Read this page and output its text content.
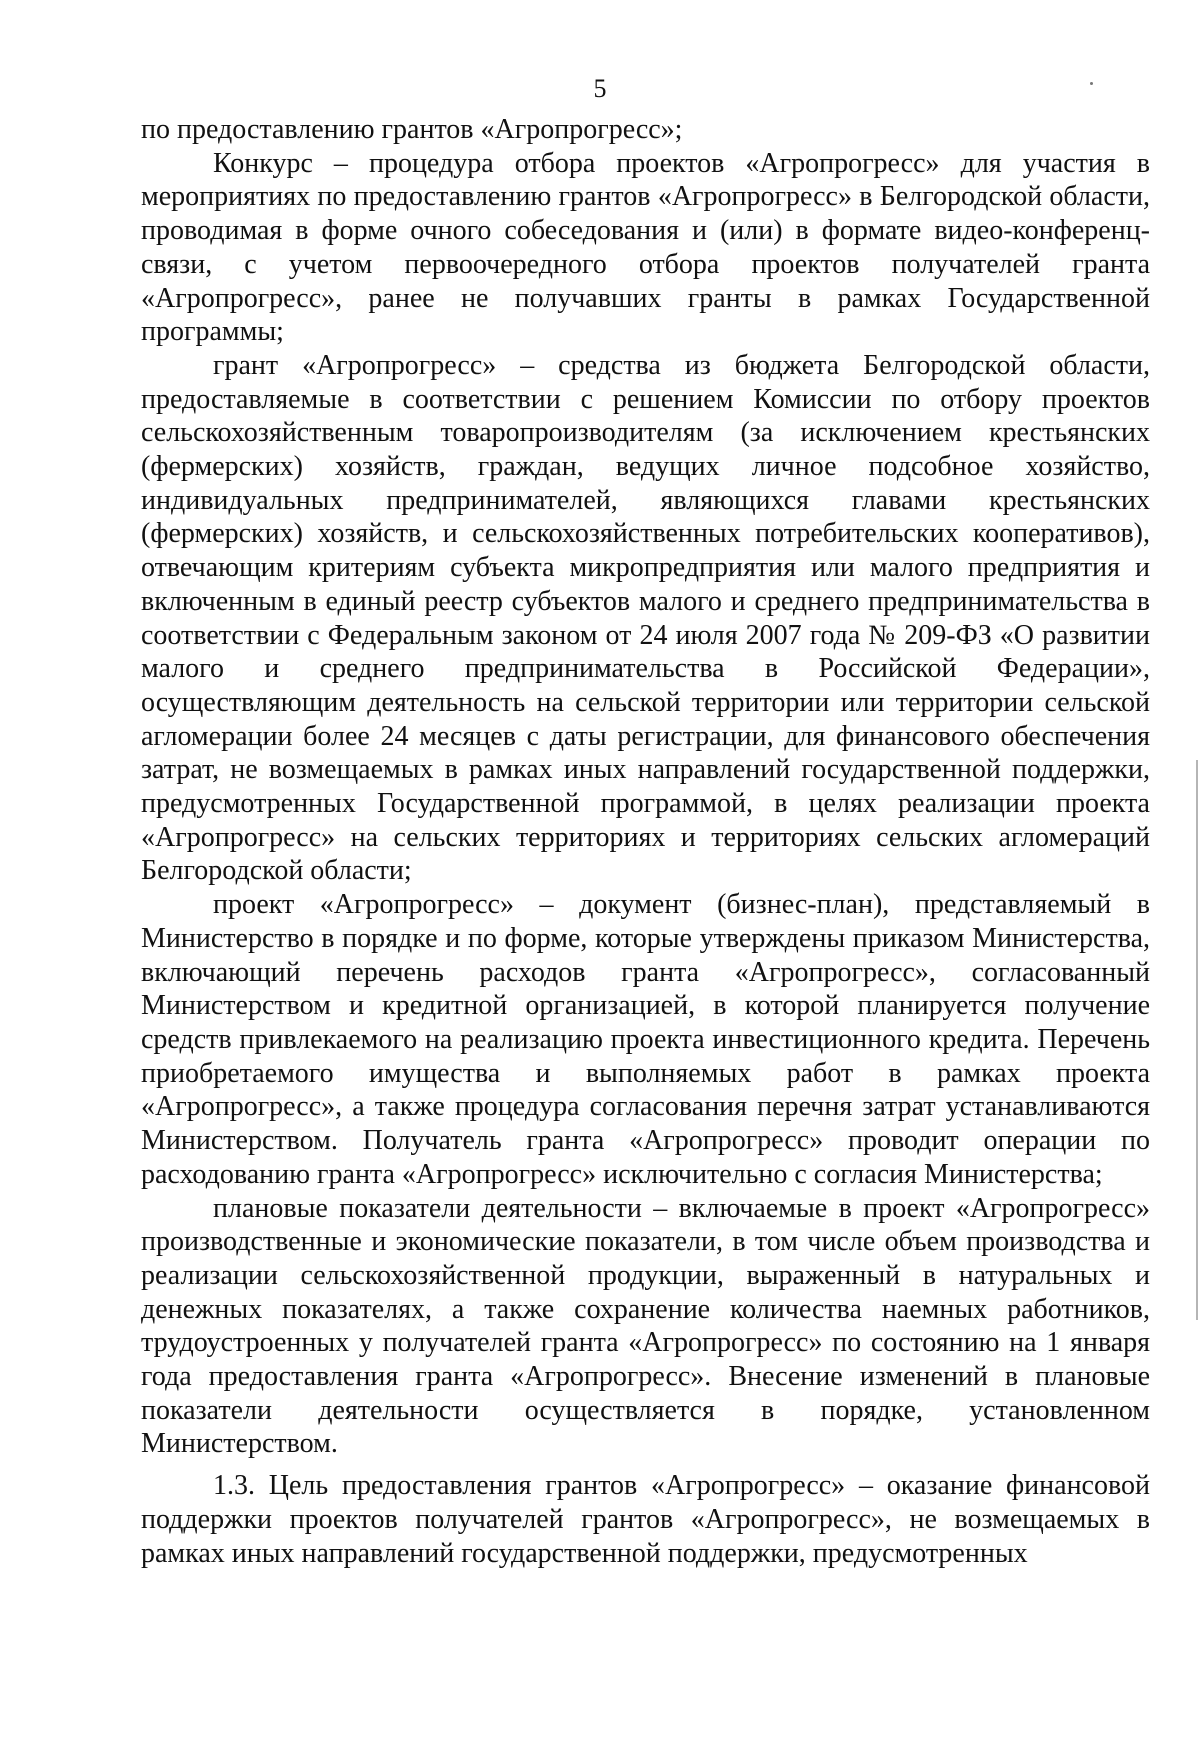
5

по предоставлению грантов «Агропрогресс»;

Конкурс – процедура отбора проектов «Агропрогресс» для участия в мероприятиях по предоставлению грантов «Агропрогресс» в Белгородской области, проводимая в форме очного собеседования и (или) в формате видео-конференц-связи, с учетом первоочередного отбора проектов получателей гранта «Агропрогресс», ранее не получавших гранты в рамках Государственной программы;

грант «Агропрогресс» – средства из бюджета Белгородской области, предоставляемые в соответствии с решением Комиссии по отбору проектов сельскохозяйственным товаропроизводителям (за исключением крестьянских (фермерских) хозяйств, граждан, ведущих личное подсобное хозяйство, индивидуальных предпринимателей, являющихся главами крестьянских (фермерских) хозяйств, и сельскохозяйственных потребительских кооперативов), отвечающим критериям субъекта микропредприятия или малого предприятия и включенным в единый реестр субъектов малого и среднего предпринимательства в соответствии с Федеральным законом от 24 июля 2007 года № 209-ФЗ «О развитии малого и среднего предпринимательства в Российской Федерации», осуществляющим деятельность на сельской территории или территории сельской агломерации более 24 месяцев с даты регистрации, для финансового обеспечения затрат, не возмещаемых в рамках иных направлений государственной поддержки, предусмотренных Государственной программой, в целях реализации проекта «Агропрогресс» на сельских территориях и территориях сельских агломераций Белгородской области;

проект «Агропрогресс» – документ (бизнес-план), представляемый в Министерство в порядке и по форме, которые утверждены приказом Министерства, включающий перечень расходов гранта «Агропрогресс», согласованный Министерством и кредитной организацией, в которой планируется получение средств привлекаемого на реализацию проекта инвестиционного кредита. Перечень приобретаемого имущества и выполняемых работ в рамках проекта «Агропрогресс», а также процедура согласования перечня затрат устанавливаются Министерством. Получатель гранта «Агропрогресс» проводит операции по расходованию гранта «Агропрогресс» исключительно с согласия Министерства;

плановые показатели деятельности – включаемые в проект «Агропрогресс» производственные и экономические показатели, в том числе объем производства и реализации сельскохозяйственной продукции, выраженный в натуральных и денежных показателях, а также сохранение количества наемных работников, трудоустроенных у получателей гранта «Агропрогресс» по состоянию на 1 января года предоставления гранта «Агропрогресс». Внесение изменений в плановые показатели деятельности осуществляется в порядке, установленном Министерством.

1.3. Цель предоставления грантов «Агропрогресс» – оказание финансовой поддержки проектов получателей грантов «Агропрогресс», не возмещаемых в рамках иных направлений государственной поддержки, предусмотренных
